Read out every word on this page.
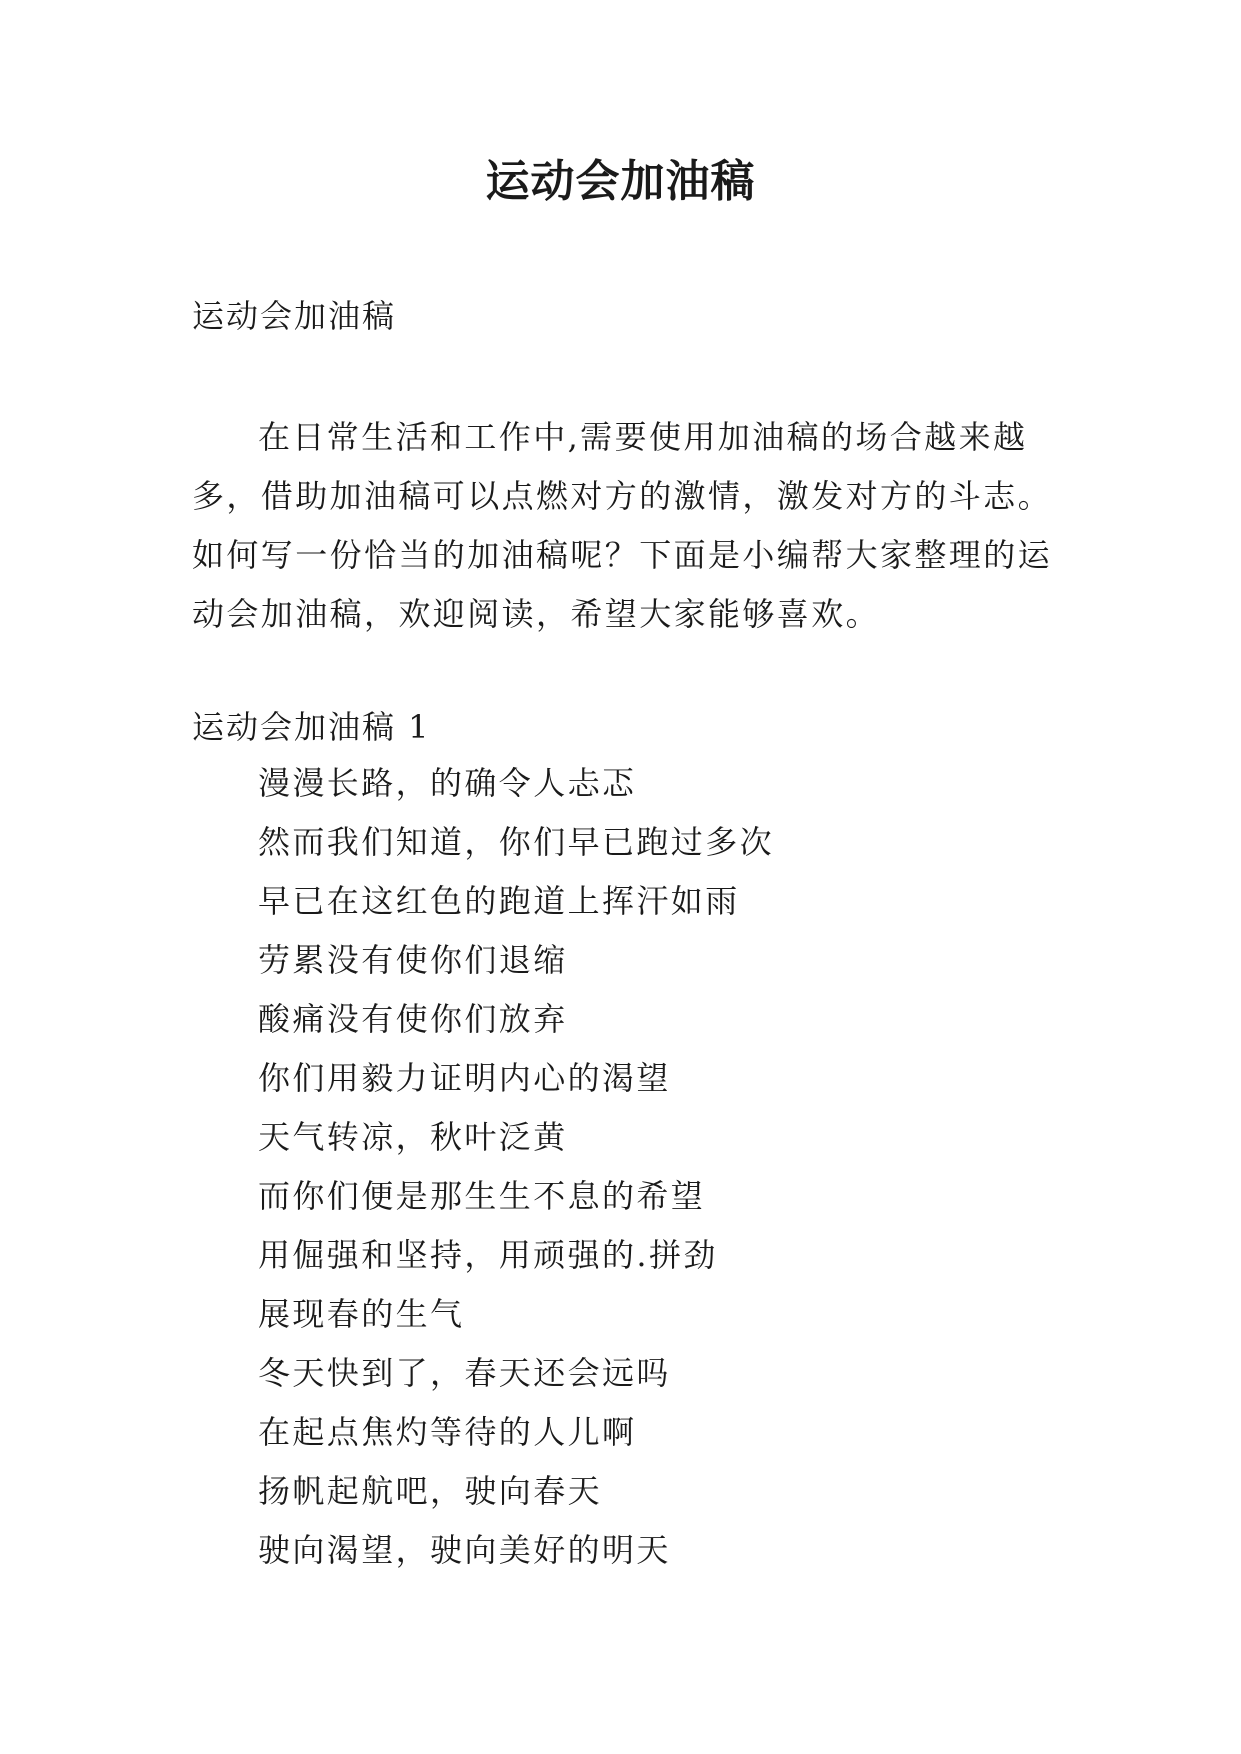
运动会加油稿

运动会加油稿

在日常生活和工作中,需要使用加油稿的场合越来越多，借助加油稿可以点燃对方的激情，激发对方的斗志。如何写一份恰当的加油稿呢？下面是小编帮大家整理的运动会加油稿，欢迎阅读，希望大家能够喜欢。

运动会加油稿 1

漫漫长路，的确令人忐忑
然而我们知道，你们早已跑过多次
早已在这红色的跑道上挥汗如雨
劳累没有使你们退缩
酸痛没有使你们放弃
你们用毅力证明内心的渴望
天气转凉，秋叶泛黄
而你们便是那生生不息的希望
用倔强和坚持，用顽强的.拼劲
展现春的生气
冬天快到了，春天还会远吗
在起点焦灼等待的人儿啊
扬帆起航吧，驶向春天
驶向渴望，驶向美好的明天
